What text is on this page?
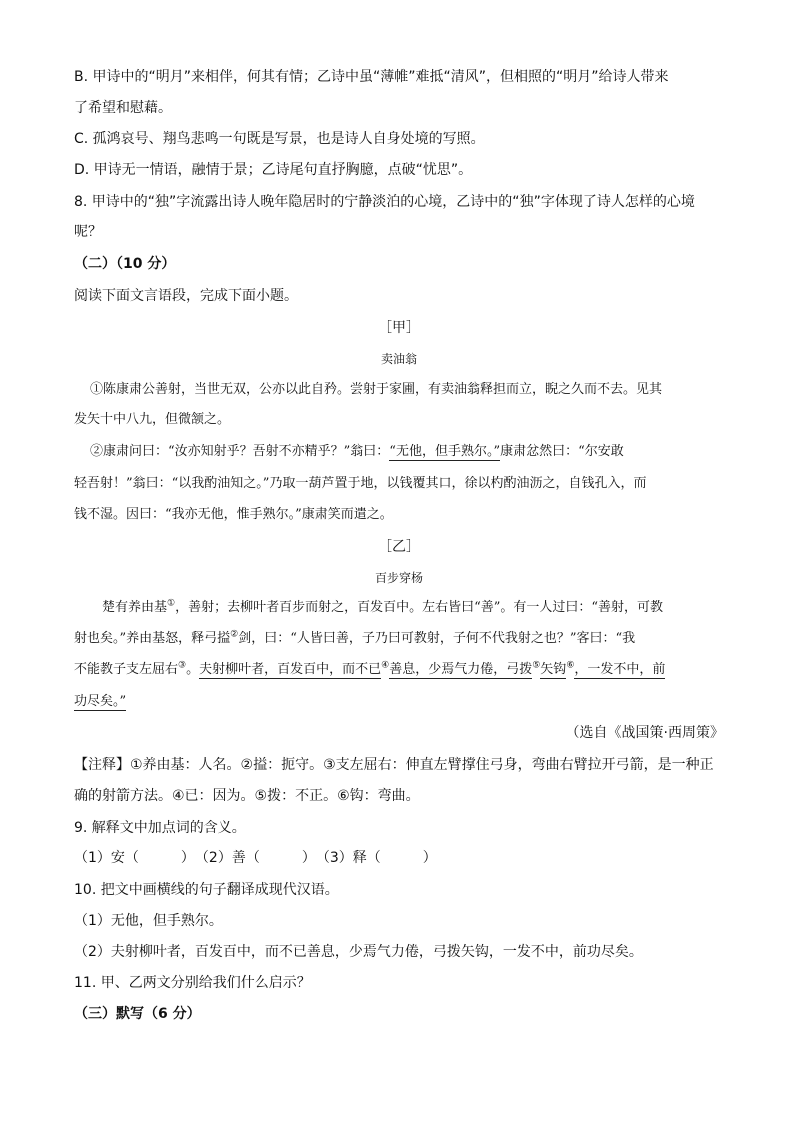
B. 甲诗中的“明月”来相伴，何其有情；乙诗中虽“薄帷”难抵“清风”，但相照的“明月”给诗人带来
了希望和慰藉。
C. 孤鸿哀号、翔鸟悲鸣一句既是写景，也是诗人自身处境的写照。
D. 甲诗无一情语，融情于景；乙诗尾句直抒胸臆，点破“忧思”。
8. 甲诗中的“独”字流露出诗人晚年隐居时的宁静淡泊的心境，乙诗中的“独”字体现了诗人怎样的心境
呢？
（二）（10 分）
阅读下面文言语段，完成下面小题。
［甲］
卖油翁
①陈康肃公善射，当世无双，公亦以此自矜。尝射于家圃，有卖油翁释担而立，睨之久而不去。见其
发矢十中八九，但微颔之。
②康肃问曰：“汝亦知射乎？吾射不亦精乎？”翁曰：“无他，但手熟尔。”康肃忿然曰：“尔安敢
轻吾射！”翁曰：“以我酌油知之。”乃取一葫芦置于地，以钱覆其口，徐以杓酌油沥之，自钱孔入，而
钱不湿。因曰：“我亦无他，惟手熟尔。”康肃笑而遣之。
［乙］
百步穿杨
楚有养由基①，善射；去柳叶者百步而射之，百发百中。左右皆曰“善”。有一人过曰：“善射，可教
射也矣。”养由基怒，释弓搤②剑，曰：“人皆曰善，子乃曰可教射，子何不代我射之也？”客曰：“我
不能教子支左屈右③。夫射柳叶者，百发百中，而不已④善息，少焉气力倦，弓拨⑤矢钩⑥，一发不中，前
功尽矣。”
（选自《战国策·西周策》
【注释】①养由基：人名。②搤：扼守。③支左屈右：伸直左臂撑住弓身，弯曲右臂拉开弓箭，是一种正
确的射箭方法。④已：因为。⑤拨：不正。⑥钩：弯曲。
9. 解释文中加点词的含义。
（1）安（　　　）　（2）善（　　　）　（3）释（　　　）
10. 把文中画横线的句子翻译成现代汉语。
（1）无他，但手熟尔。
（2）夫射柳叶者，百发百中，而不已善息，少焉气力倦，弓拨矢钩，一发不中，前功尽矣。
11. 甲、乙两文分别给我们什么启示？
（三）默写（6 分）
